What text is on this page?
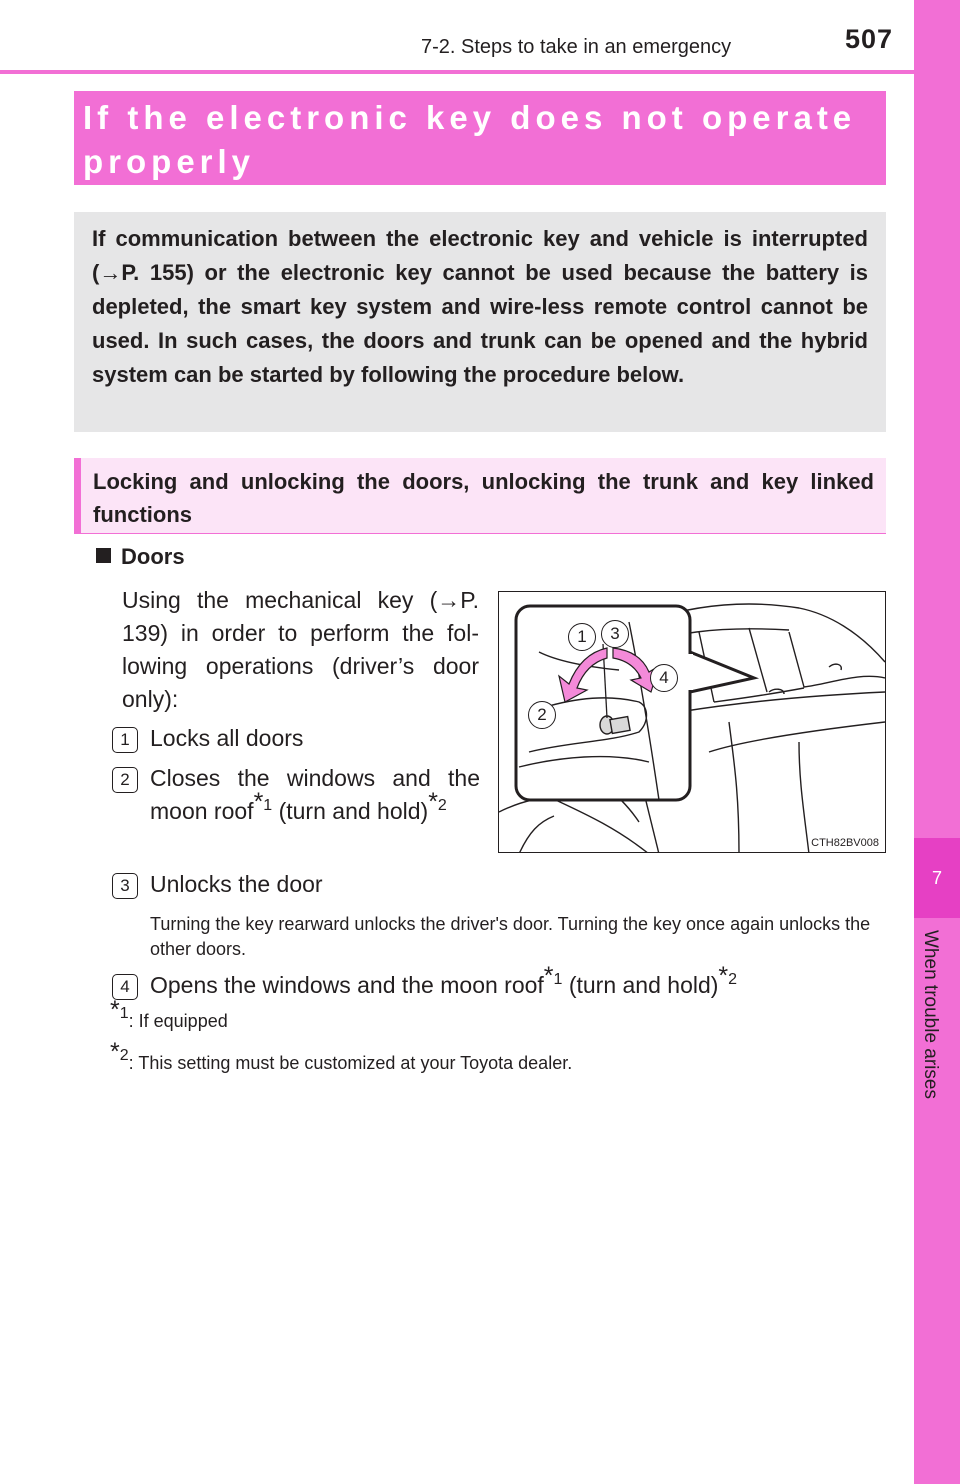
7-2. Steps to take in an emergency	507
7
When trouble arises
If the electronic key does not operate properly
If communication between the electronic key and vehicle is interrupted (→P. 155) or the electronic key cannot be used because the battery is depleted, the smart key system and wire-less remote control cannot be used. In such cases, the doors and trunk can be opened and the hybrid system can be started by following the procedure below.
Locking and unlocking the doors, unlocking the trunk and key linked functions
Doors
Using the mechanical key (→P. 139) in order to perform the fol-lowing operations (driver’s door only):
1 Locks all doors
2 Closes the windows and the moon roof$^{*1}$ (turn and hold)$^{*2}$
3 Unlocks the door
Turning the key rearward unlocks the driver's door. Turning the key once again unlocks the other doors.
4 Opens the windows and the moon roof$^{*1}$ (turn and hold)$^{*2}$
$^{*1}$: If equipped
$^{*2}$: This setting must be customized at your Toyota dealer.
1	3
2
4
CTH82BV008
